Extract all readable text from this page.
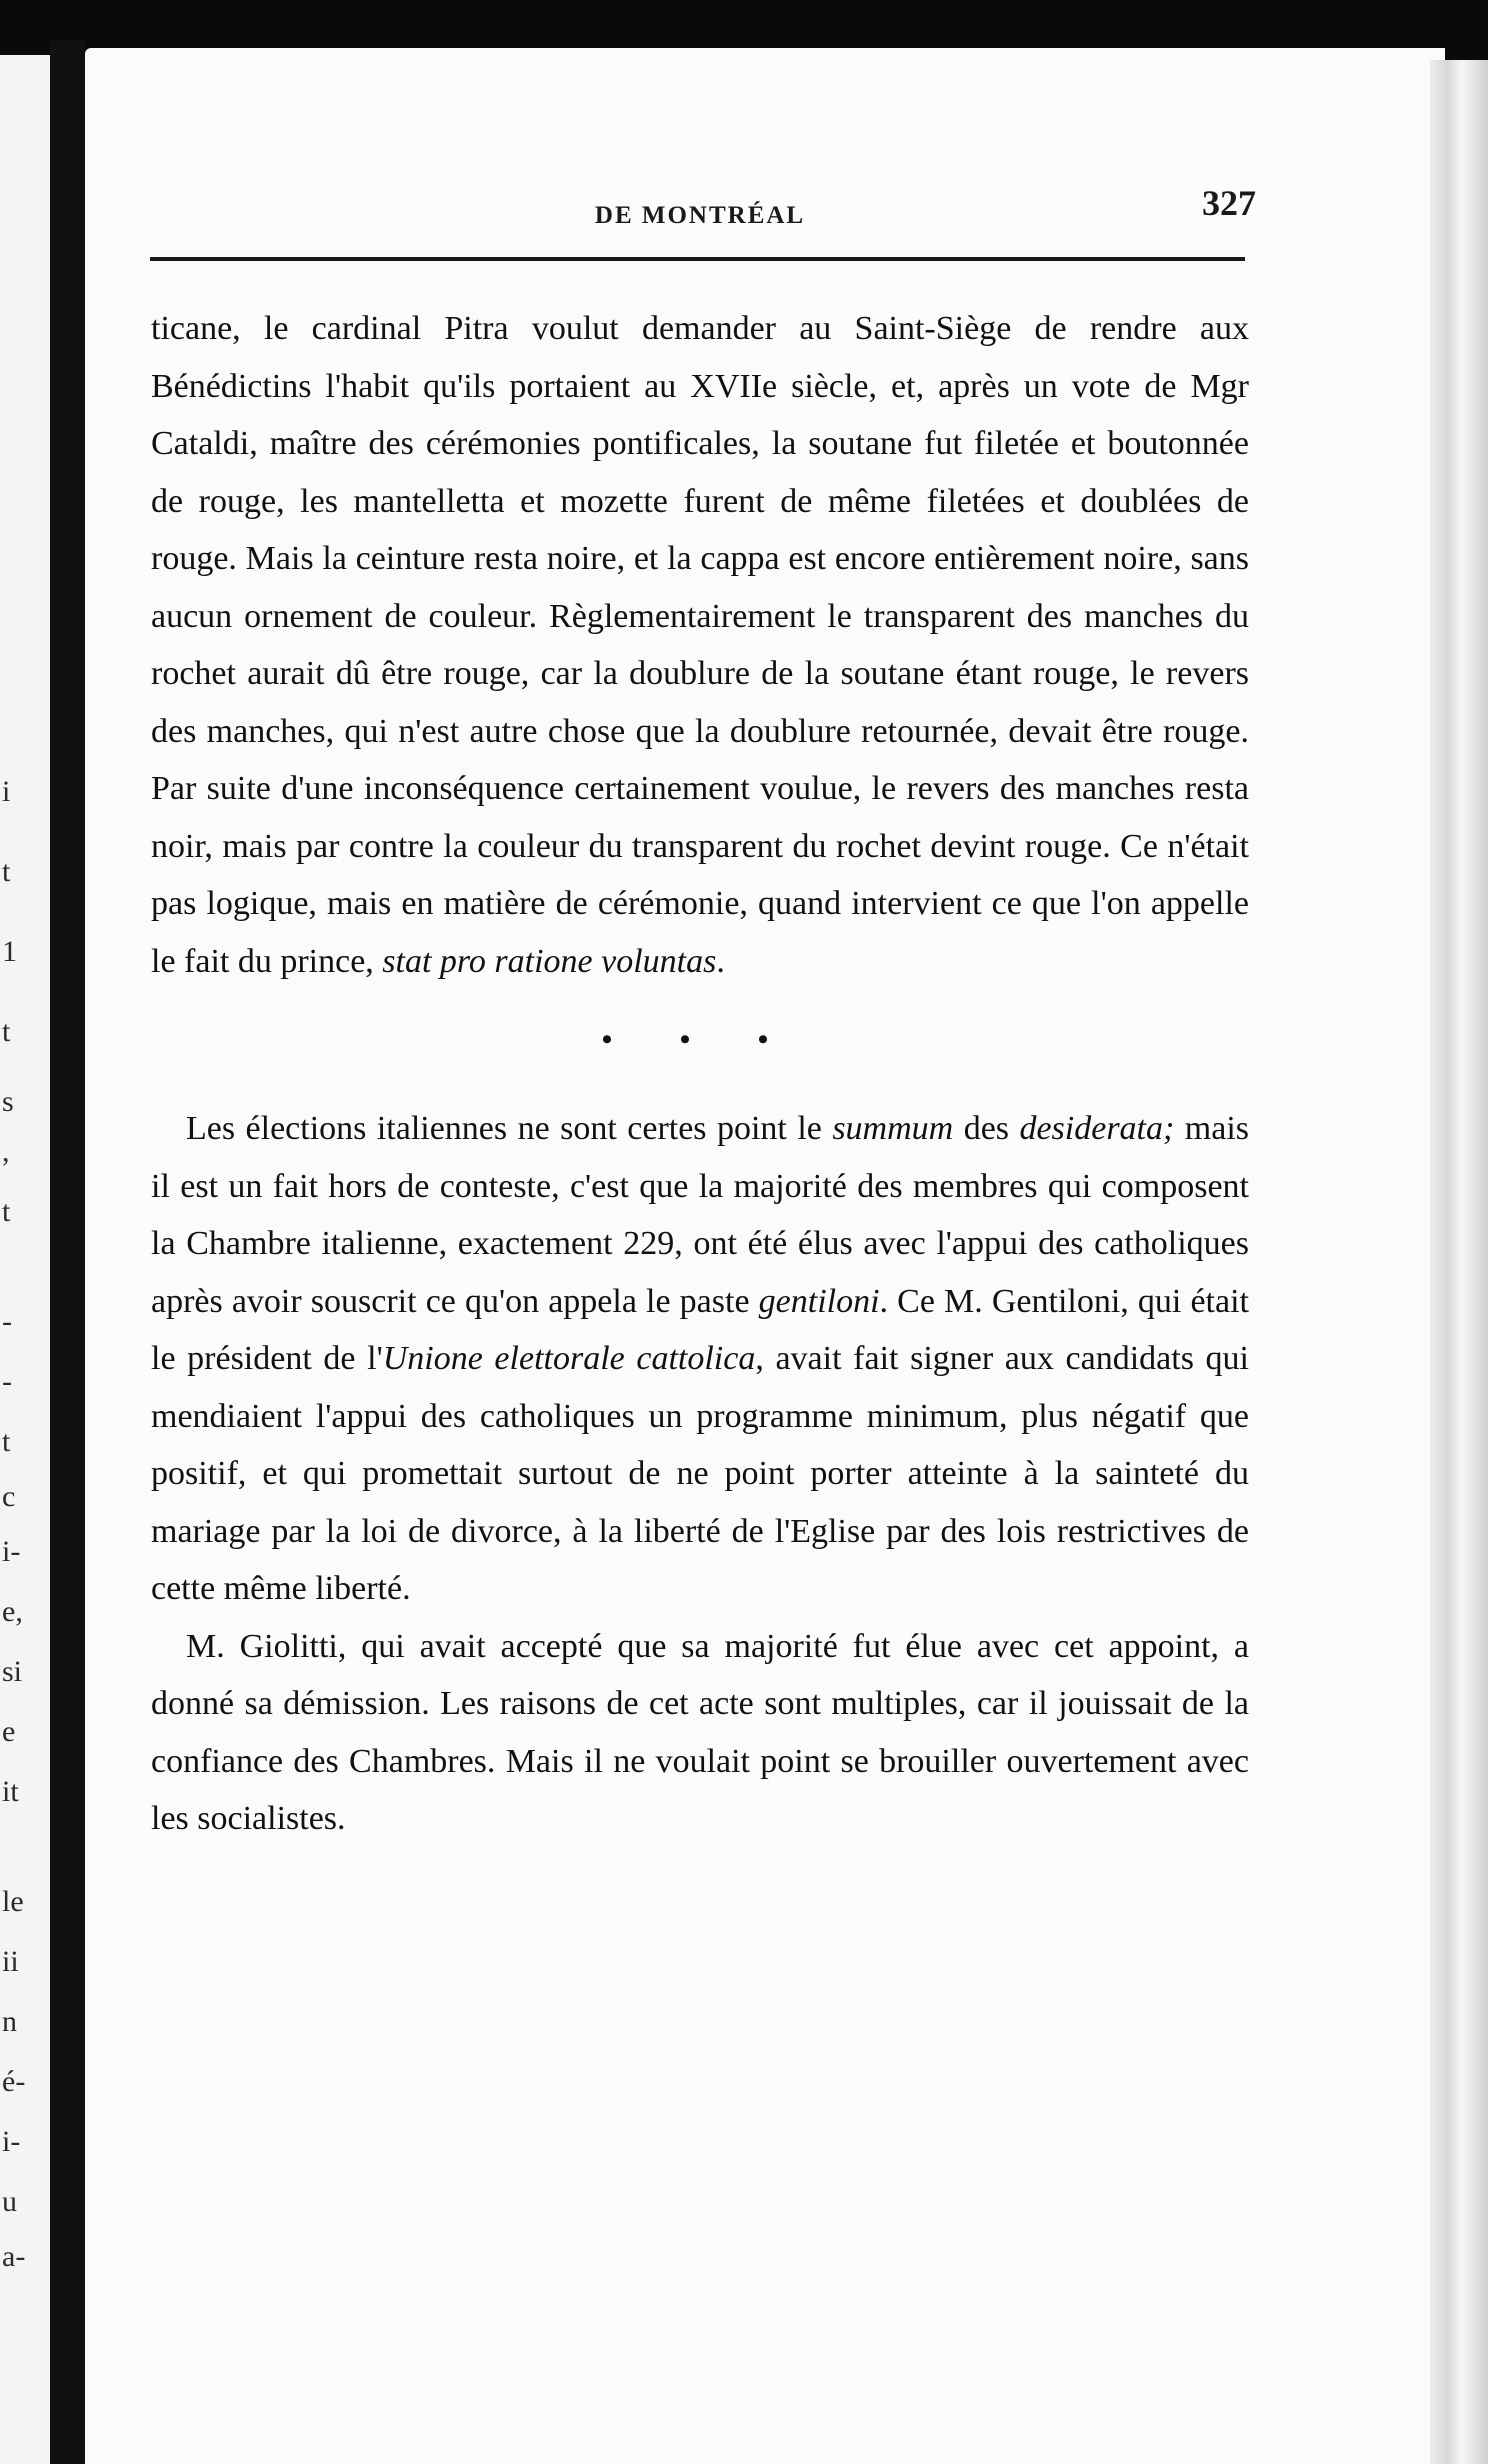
i
t
1
t
s
,
t
-
-
t
c
i-
e,
si
e
it
le
ii
n
é-
i-
u
a-
DE MONTRÉAL	327

ticane, le cardinal Pitra voulut demander au Saint-Siège de rendre aux Bénédictins l'habit qu'ils portaient au XVIIe siècle, et, après un vote de Mgr Cataldi, maître des cérémonies pontificales, la soutane fut filetée et boutonnée de rouge, les mantelletta et mozette furent de même filetées et doublées de rouge. Mais la ceinture resta noire, et la cappa est encore entièrement noire, sans aucun ornement de couleur. Règlementairement le transparent des manches du rochet aurait dû être rouge, car la doublure de la soutane étant rouge, le revers des manches, qui n'est autre chose que la doublure retournée, devait être rouge. Par suite d'une inconséquence certainement voulue, le revers des manches resta noir, mais par contre la couleur du transparent du rochet devint rouge. Ce n'était pas logique, mais en matière de cérémonie, quand intervient ce que l'on appelle le fait du prince, stat pro ratione voluntas.

• • •

Les élections italiennes ne sont certes point le summum des desiderata; mais il est un fait hors de conteste, c'est que la majorité des membres qui composent la Chambre italienne, exactement 229, ont été élus avec l'appui des catholiques après avoir souscrit ce qu'on appela le paste gentiloni. Ce M. Gentiloni, qui était le président de l'Unione elettorale cattolica, avait fait signer aux candidats qui mendiaient l'appui des catholiques un programme minimum, plus négatif que positif, et qui promettait surtout de ne point porter atteinte à la sainteté du mariage par la loi de divorce, à la liberté de l'Eglise par des lois restrictives de cette même liberté.

M. Giolitti, qui avait accepté que sa majorité fut élue avec cet appoint, a donné sa démission. Les raisons de cet acte sont multiples, car il jouissait de la confiance des Chambres. Mais il ne voulait point se brouiller ouvertement avec les socialistes.
